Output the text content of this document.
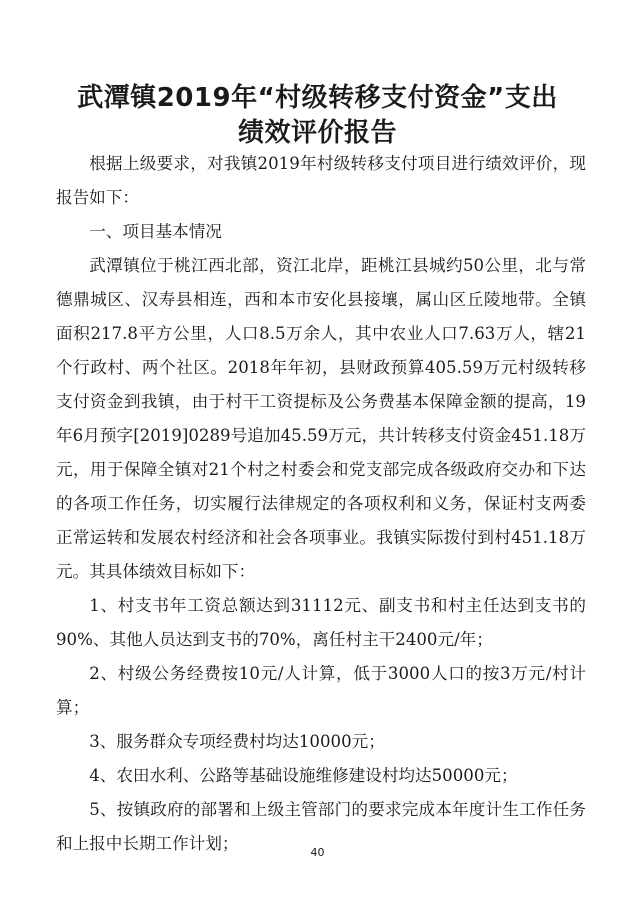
武潭镇2019年“村级转移支付资金”支出
绩效评价报告

根据上级要求，对我镇2019年村级转移支付项目进行绩效评价，现报告如下：

一、项目基本情况

武潭镇位于桃江西北部，资江北岸，距桃江县城约50公里，北与常德鼎城区、汉寿县相连，西和本市安化县接壤，属山区丘陵地带。全镇面积217.8平方公里，人口8.5万余人，其中农业人口7.63万人，辖21个行政村、两个社区。2018年年初，县财政预算405.59万元村级转移支付资金到我镇，由于村干工资提标及公务费基本保障金额的提高，19年6月预字[2019]0289号追加45.59万元，共计转移支付资金451.18万元，用于保障全镇对21个村之村委会和党支部完成各级政府交办和下达的各项工作任务，切实履行法律规定的各项权利和义务，保证村支两委正常运转和发展农村经济和社会各项事业。我镇实际拨付到村451.18万元。其具体绩效目标如下：

1、村支书年工资总额达到31112元、副支书和村主任达到支书的90%、其他人员达到支书的70%，离任村主干2400元/年；

2、村级公务经费按10元/人计算，低于3000人口的按3万元/村计算；

3、服务群众专项经费村均达10000元；

4、农田水利、公路等基础设施维修建设村均达50000元；

5、按镇政府的部署和上级主管部门的要求完成本年度计生工作任务和上报中长期工作计划；	40
